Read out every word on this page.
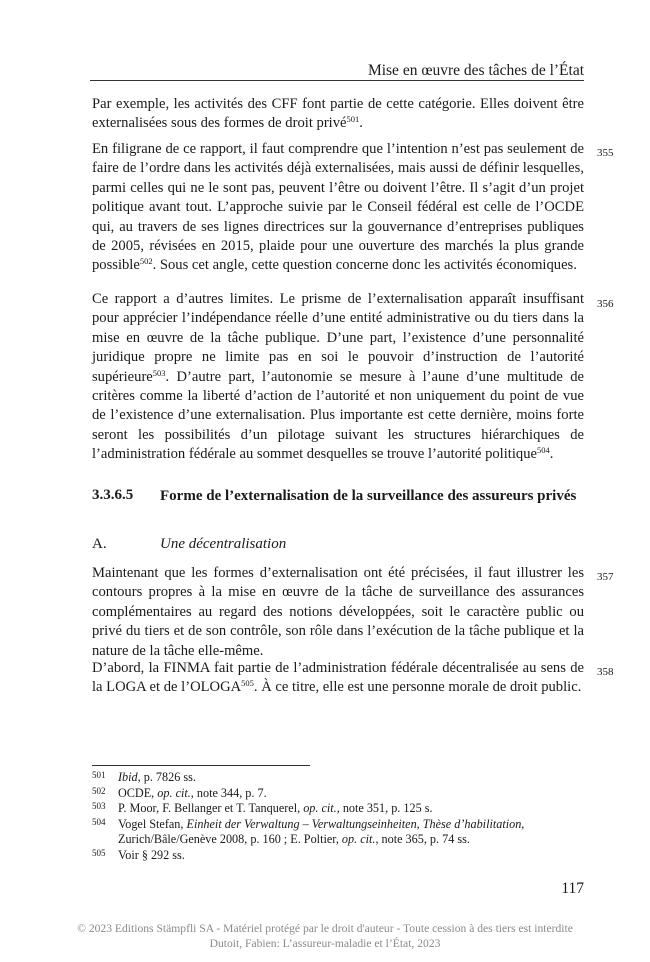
Mise en œuvre des tâches de l’État

Par exemple, les activités des CFF font partie de cette catégorie. Elles doivent être externalisées sous des formes de droit privé$^{501}$.

355

En filigrane de ce rapport, il faut comprendre que l’intention n’est pas seulement de faire de l’ordre dans les activités déjà externalisées, mais aussi de définir lesquelles, parmi celles qui ne le sont pas, peuvent l’être ou doivent l’être. Il s’agit d’un projet politique avant tout. L’approche suivie par le Conseil fédéral est celle de l’OCDE qui, au travers de ses lignes directrices sur la gouvernance d’entreprises publiques de 2005, révisées en 2015, plaide pour une ouverture des marchés la plus grande possible$^{502}$. Sous cet angle, cette question concerne donc les activités économiques.

356

Ce rapport a d’autres limites. Le prisme de l’externalisation apparaît insuffisant pour apprécier l’indépendance réelle d’une entité administrative ou du tiers dans la mise en œuvre de la tâche publique. D’une part, l’existence d’une personnalité juridique propre ne limite pas en soi le pouvoir d’instruction de l’autorité supérieure$^{503}$. D’autre part, l’autonomie se mesure à l’aune d’une multitude de critères comme la liberté d’action de l’autorité et non uniquement du point de vue de l’existence d’une externalisation. Plus importante est cette dernière, moins forte seront les possibilités d’un pilotage suivant les structures hiérarchiques de l’administration fédérale au sommet desquelles se trouve l’autorité politique$^{504}$.

3.3.6.5 Forme de l’externalisation de la surveillance des assureurs privés
A.	Une décentralisation
357

Maintenant que les formes d’externalisation ont été précisées, il faut illustrer les contours propres à la mise en œuvre de la tâche de surveillance des assurances complémentaires au regard des notions développées, soit le caractère public ou privé du tiers et de son contrôle, son rôle dans l’exécution de la tâche publique et la nature de la tâche elle-même.

358

D’abord, la FINMA fait partie de l’administration fédérale décentralisée au sens de la LOGA et de l’OLOGA$^{505}$. À ce titre, elle est une personne morale de droit public.

501 Ibid, p. 7826 ss.
502 OCDE, op. cit., note 344, p. 7.
503 P. Moor, F. Bellanger et T. Tanquerel, op. cit., note 351, p. 125 s.
504 Vogel Stefan, Einheit der Verwaltung – Verwaltungseinheiten, Thèse d’habilitation, Zurich/Bâle/Genève 2008, p. 160 ; E. Poltier, op. cit., note 365, p. 74 ss.
505 Voir § 292 ss.
117
© 2023 Editions Stämpfli SA - Matériel protégé par le droit d'auteur - Toute cession à des tiers est interdite
Dutoit, Fabien: L’assureur-maladie et l’État, 2023
